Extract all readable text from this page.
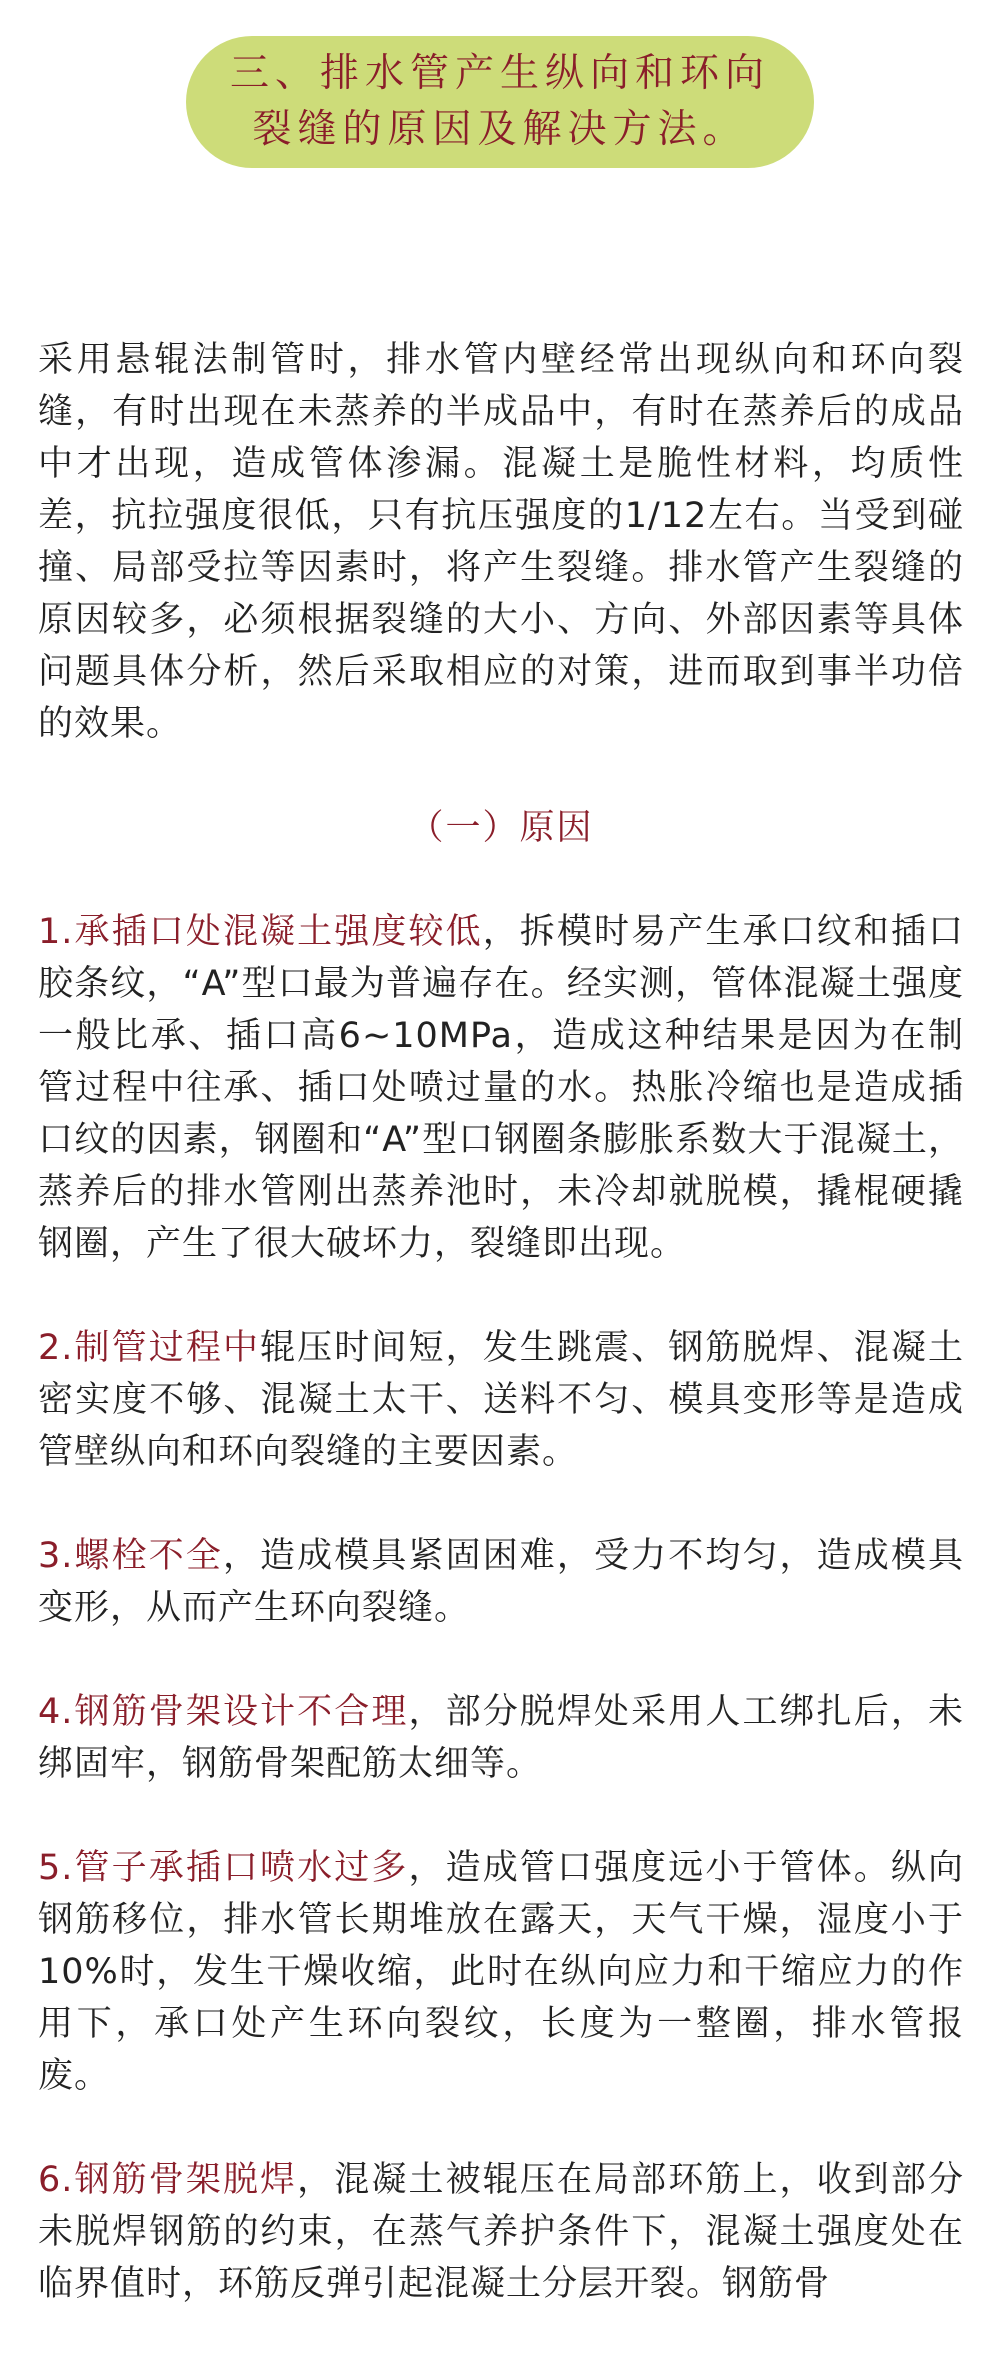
三、排水管产生纵向和环向
裂缝的原因及解决方法。

采用悬辊法制管时，排水管内壁经常出现纵向和环向裂缝，有时出现在未蒸养的半成品中，有时在蒸养后的成品中才出现，造成管体渗漏。混凝土是脆性材料，均质性差，抗拉强度很低，只有抗压强度的1/12左右。当受到碰撞、局部受拉等因素时，将产生裂缝。排水管产生裂缝的原因较多，必须根据裂缝的大小、方向、外部因素等具体问题具体分析，然后采取相应的对策，进而取到事半功倍的效果。

（一）原因

1.承插口处混凝土强度较低，拆模时易产生承口纹和插口胶条纹，“A”型口最为普遍存在。经实测，管体混凝土强度一般比承、插口高6~10MPa，造成这种结果是因为在制管过程中往承、插口处喷过量的水。热胀冷缩也是造成插口纹的因素，钢圈和“A”型口钢圈条膨胀系数大于混凝土，蒸养后的排水管刚出蒸养池时，未冷却就脱模，撬棍硬撬钢圈，产生了很大破坏力，裂缝即出现。

2.制管过程中辊压时间短，发生跳震、钢筋脱焊、混凝土密实度不够、混凝土太干、送料不匀、模具变形等是造成管壁纵向和环向裂缝的主要因素。

3.螺栓不全，造成模具紧固困难，受力不均匀，造成模具变形，从而产生环向裂缝。

4.钢筋骨架设计不合理，部分脱焊处采用人工绑扎后，未绑固牢，钢筋骨架配筋太细等。

5.管子承插口喷水过多，造成管口强度远小于管体。纵向钢筋移位，排水管长期堆放在露天，天气干燥，湿度小于10%时，发生干燥收缩，此时在纵向应力和干缩应力的作用下，承口处产生环向裂纹，长度为一整圈，排水管报废。

6.钢筋骨架脱焊，混凝土被辊压在局部环筋上，收到部分未脱焊钢筋的约束，在蒸气养护条件下，混凝土强度处在临界值时，环筋反弹引起混凝土分层开裂。钢筋骨
